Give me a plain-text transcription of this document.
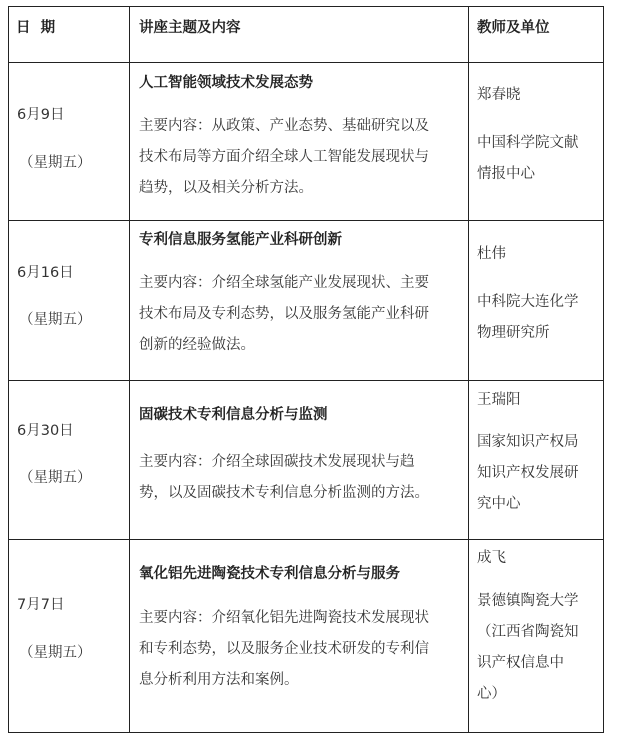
日  期	讲座主题及内容	教师及单位
6月9日
（星期五）
人工智能领域技术发展态势
主要内容：从政策、产业态势、基础研究以及
技术布局等方面介绍全球人工智能发展现状与
趋势，以及相关分析方法。
郑春晓
中国科学院文献
情报中心
6月16日
（星期五）
专利信息服务氢能产业科研创新
主要内容：介绍全球氢能产业发展现状、主要
技术布局及专利态势，以及服务氢能产业科研
创新的经验做法。
杜伟
中科院大连化学
物理研究所
6月30日
（星期五）
固碳技术专利信息分析与监测
主要内容：介绍全球固碳技术发展现状与趋
势，以及固碳技术专利信息分析监测的方法。
王瑞阳
国家知识产权局
知识产权发展研
究中心
7月7日
（星期五）
氧化铝先进陶瓷技术专利信息分析与服务
主要内容：介绍氧化铝先进陶瓷技术发展现状
和专利态势，以及服务企业技术研发的专利信
息分析利用方法和案例。
成飞
景德镇陶瓷大学
（江西省陶瓷知
识产权信息中
心）
